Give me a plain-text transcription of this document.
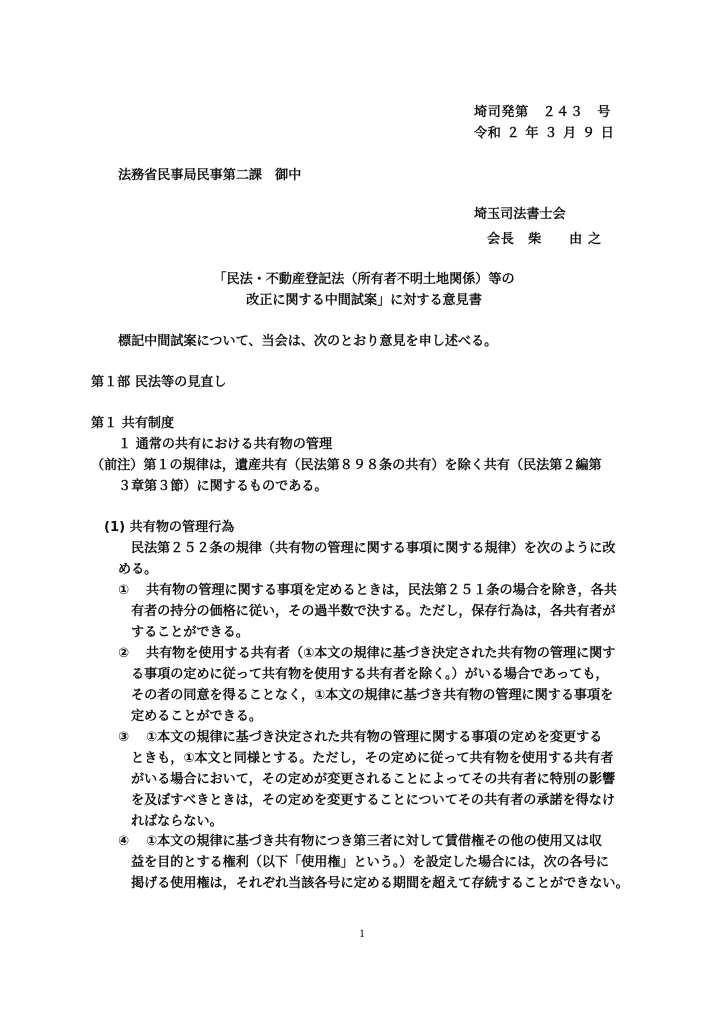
埼司発第　２４３　号
令和 ２ 年 ３ 月 ９ 日
法務省民事局民事第二課　御中
埼玉司法書士会
会長　柴　　由 之
「民法・不動産登記法（所有者不明土地関係）等の
改正に関する中間試案」に対する意見書
標記中間試案について、当会は、次のとおり意見を申し述べる。
第１部 民法等の見直し
第１ 共有制度
１ 通常の共有における共有物の管理
（前注）第１の規律は，遺産共有（民法第８９８条の共有）を除く共有（民法第２編第
３章第３節）に関するものである。
(1) 共有物の管理行為
民法第２５２条の規律（共有物の管理に関する事項に関する規律）を次のように改
める。
① 共有物の管理に関する事項を定めるときは，民法第２５１条の場合を除き，各共
有者の持分の価格に従い，その過半数で決する。ただし，保存行為は，各共有者が
することができる。
② 共有物を使用する共有者（①本文の規律に基づき決定された共有物の管理に関す
る事項の定めに従って共有物を使用する共有者を除く。）がいる場合であっても，
その者の同意を得ることなく，①本文の規律に基づき共有物の管理に関する事項を
定めることができる。
③ ①本文の規律に基づき決定された共有物の管理に関する事項の定めを変更する
ときも，①本文と同様とする。ただし，その定めに従って共有物を使用する共有者
がいる場合において，その定めが変更されることによってその共有者に特別の影響
を及ぼすべきときは，その定めを変更することについてその共有者の承諾を得なけ
ればならない。
④ ①本文の規律に基づき共有物につき第三者に対して賃借権その他の使用又は収
益を目的とする権利（以下「使用権」という。）を設定した場合には，次の各号に
掲げる使用権は，それぞれ当該各号に定める期間を超えて存続することができない。
1
